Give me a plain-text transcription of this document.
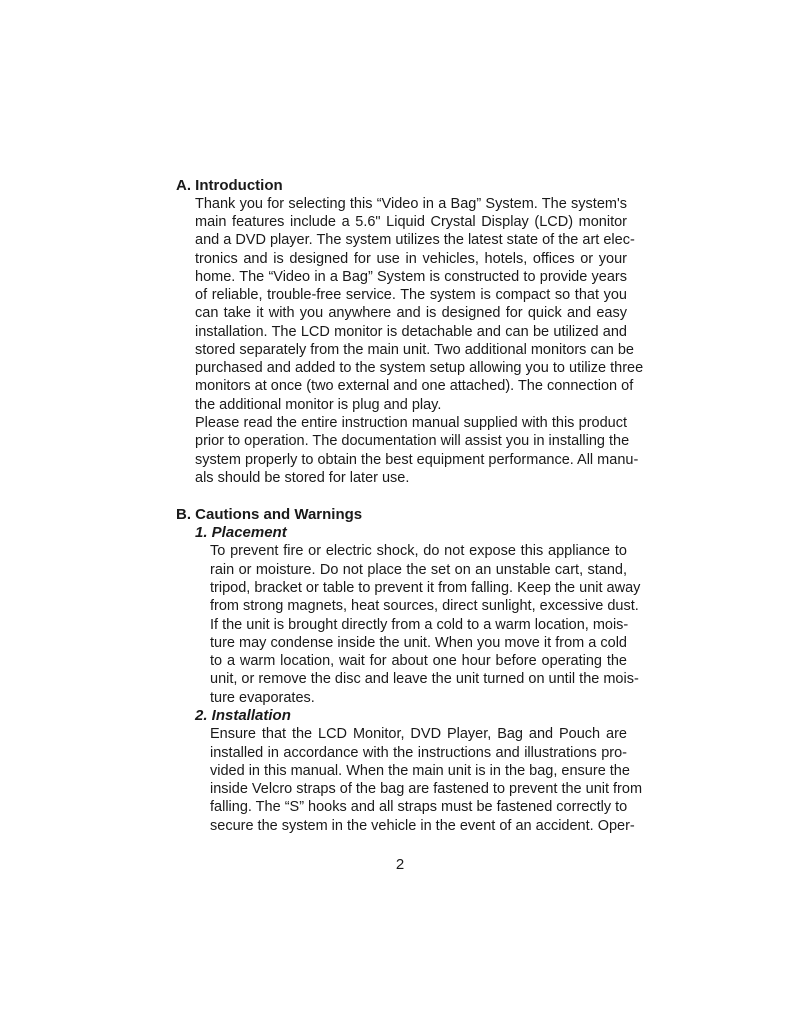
A. Introduction
Thank you for selecting this “Video in a Bag” System. The system's
main features include a 5.6" Liquid Crystal Display (LCD) monitor
and a DVD player. The system utilizes the latest state of the art elec-
tronics and is designed for use in vehicles, hotels, offices or your
home. The “Video in a Bag” System is constructed to provide years
of reliable, trouble-free service. The system is compact so that you
can take it with you anywhere and is designed for quick and easy
installation. The LCD monitor is detachable and can be utilized and
stored separately from the main unit. Two additional monitors can be
purchased and added to the system setup allowing you to utilize three
monitors at once (two external and one attached). The connection of
the additional monitor is plug and play.
Please read the entire instruction manual supplied with this product
prior to operation. The documentation will assist you in installing the
system properly to obtain the best equipment performance. All manu-
als should be stored for later use.
B. Cautions and Warnings
1. Placement
To prevent fire or electric shock, do not expose this appliance to
rain or moisture. Do not place the set on an unstable cart, stand,
tripod, bracket or table to prevent it from falling. Keep the unit away
from strong magnets, heat sources, direct sunlight, excessive dust.
If the unit is brought directly from a cold to a warm location, mois-
ture may condense inside the unit. When you move it from a cold
to a warm location, wait for about one hour before operating the
unit, or remove the disc and leave the unit turned on until the mois-
ture evaporates.
2. Installation
Ensure that the LCD Monitor, DVD Player, Bag and Pouch are
installed in accordance with the instructions and illustrations pro-
vided in this manual. When the main unit is in the bag, ensure the
inside Velcro straps of the bag are fastened to prevent the unit from
falling. The “S” hooks and all straps must be fastened correctly to
secure the system in the vehicle in the event of an accident. Oper-
2
